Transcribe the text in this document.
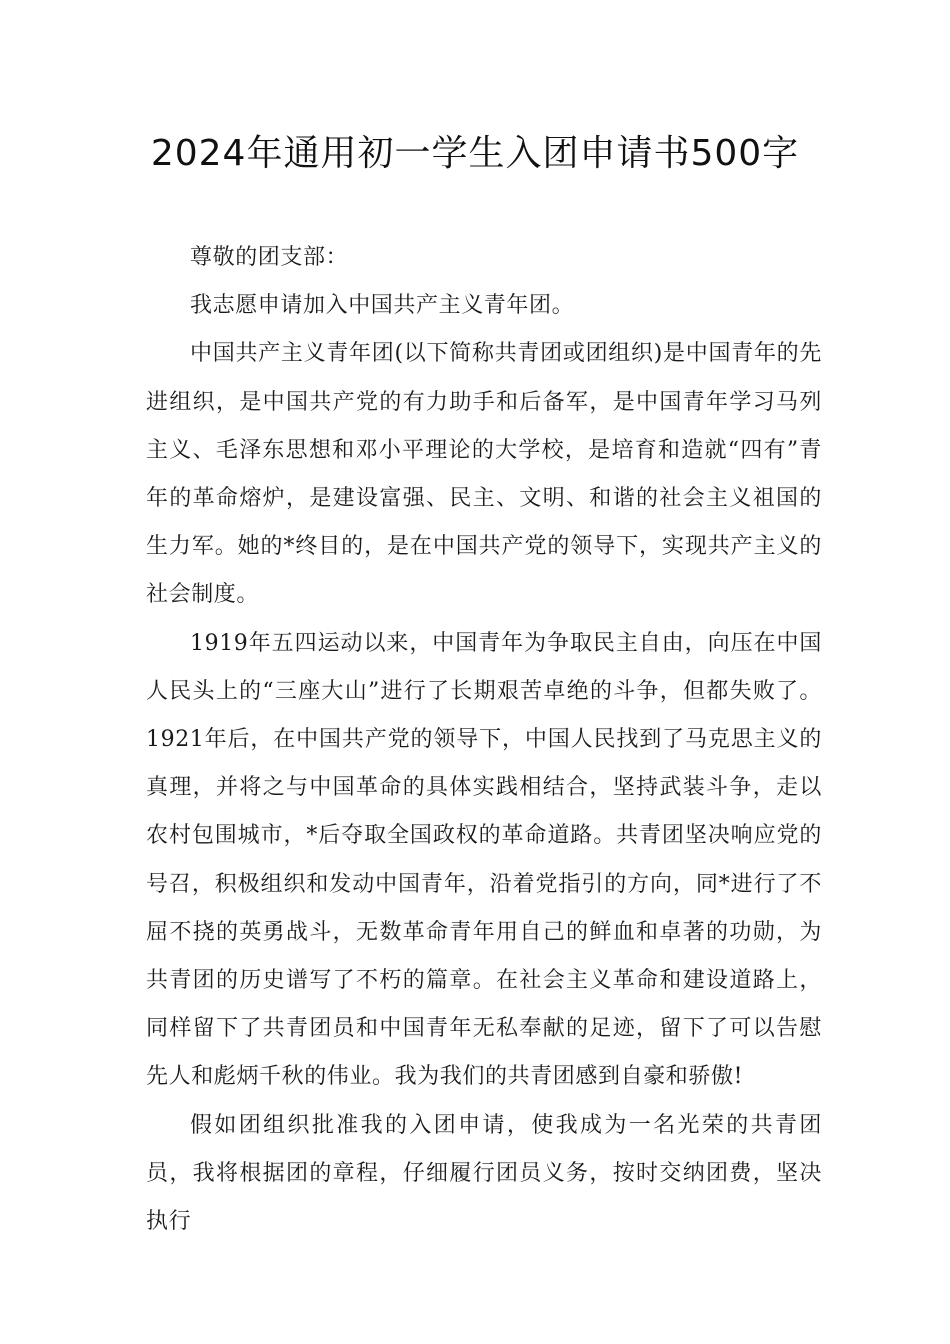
2024年通用初一学生入团申请书500字

尊敬的团支部：

我志愿申请加入中国共产主义青年团。

中国共产主义青年团(以下简称共青团或团组织)是中国青年的先进组织，是中国共产党的有力助手和后备军，是中国青年学习马列主义、毛泽东思想和邓小平理论的大学校，是培育和造就“四有”青年的革命熔炉，是建设富强、民主、文明、和谐的社会主义祖国的生力军。她的*终目的，是在中国共产党的领导下，实现共产主义的社会制度。

1919年五四运动以来，中国青年为争取民主自由，向压在中国人民头上的“三座大山”进行了长期艰苦卓绝的斗争，但都失败了。1921年后，在中国共产党的领导下，中国人民找到了马克思主义的真理，并将之与中国革命的具体实践相结合，坚持武装斗争，走以农村包围城市，*后夺取全国政权的革命道路。共青团坚决响应党的号召，积极组织和发动中国青年，沿着党指引的方向，同*进行了不屈不挠的英勇战斗，无数革命青年用自己的鲜血和卓著的功勋，为共青团的历史谱写了不朽的篇章。在社会主义革命和建设道路上，同样留下了共青团员和中国青年无私奉献的足迹，留下了可以告慰先人和彪炳千秋的伟业。我为我们的共青团感到自豪和骄傲!

假如团组织批准我的入团申请，使我成为一名光荣的共青团员，我将根据团的章程，仔细履行团员义务，按时交纳团费，坚决执行
